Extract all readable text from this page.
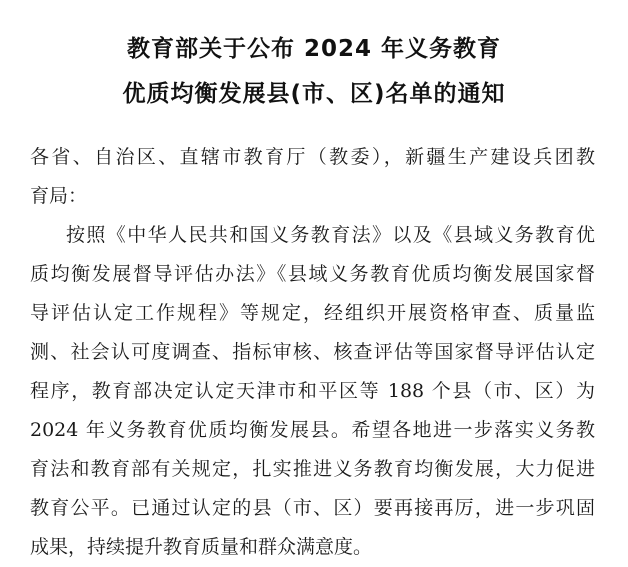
教育部关于公布 2024 年义务教育
优质均衡发展县(市、区)名单的通知
各省、自治区、直辖市教育厅（教委），新疆生产建设兵团教
育局：
按照《中华人民共和国义务教育法》以及《县域义务教育优
质均衡发展督导评估办法》《县域义务教育优质均衡发展国家督
导评估认定工作规程》等规定，经组织开展资格审查、质量监
测、社会认可度调查、指标审核、核查评估等国家督导评估认定
程序，教育部决定认定天津市和平区等 188 个县（市、区）为
2024 年义务教育优质均衡发展县。希望各地进一步落实义务教
育法和教育部有关规定，扎实推进义务教育均衡发展，大力促进
教育公平。已通过认定的县（市、区）要再接再厉，进一步巩固
成果，持续提升教育质量和群众满意度。
